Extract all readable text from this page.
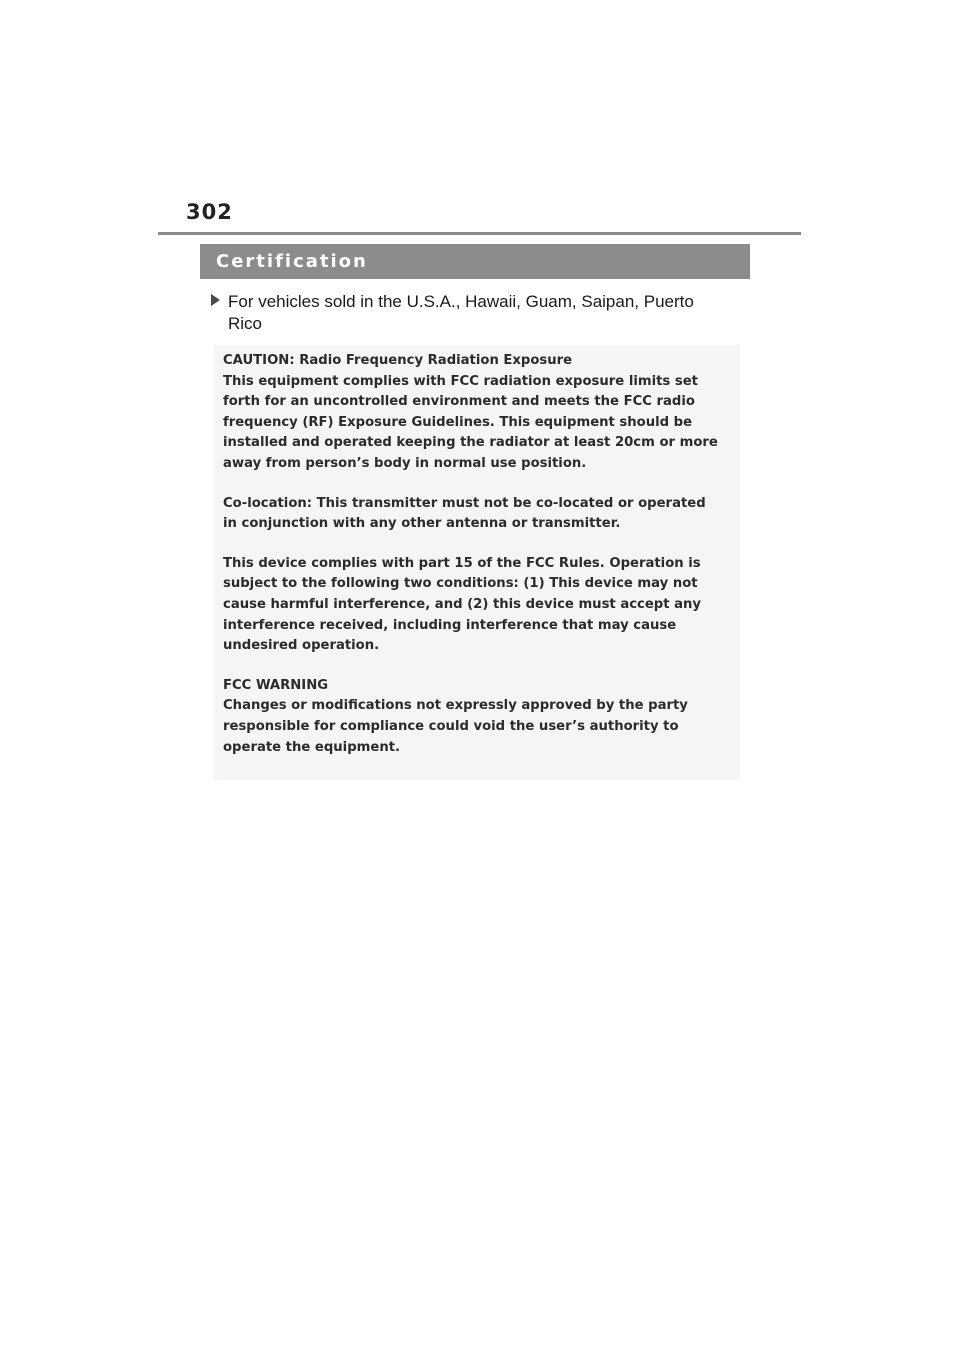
302
Certification
For vehicles sold in the U.S.A., Hawaii, Guam, Saipan, Puerto
Rico
CAUTION: Radio Frequency Radiation Exposure
This equipment complies with FCC radiation exposure limits set
forth for an uncontrolled environment and meets the FCC radio
frequency (RF) Exposure Guidelines. This equipment should be
installed and operated keeping the radiator at least 20cm or more
away from person’s body in normal use position.
Co-location: This transmitter must not be co-located or operated
in conjunction with any other antenna or transmitter.
This device complies with part 15 of the FCC Rules. Operation is
subject to the following two conditions: (1) This device may not
cause harmful interference, and (2) this device must accept any
interference received, including interference that may cause
undesired operation.
FCC WARNING
Changes or modifications not expressly approved by the party
responsible for compliance could void the user’s authority to
operate the equipment.
